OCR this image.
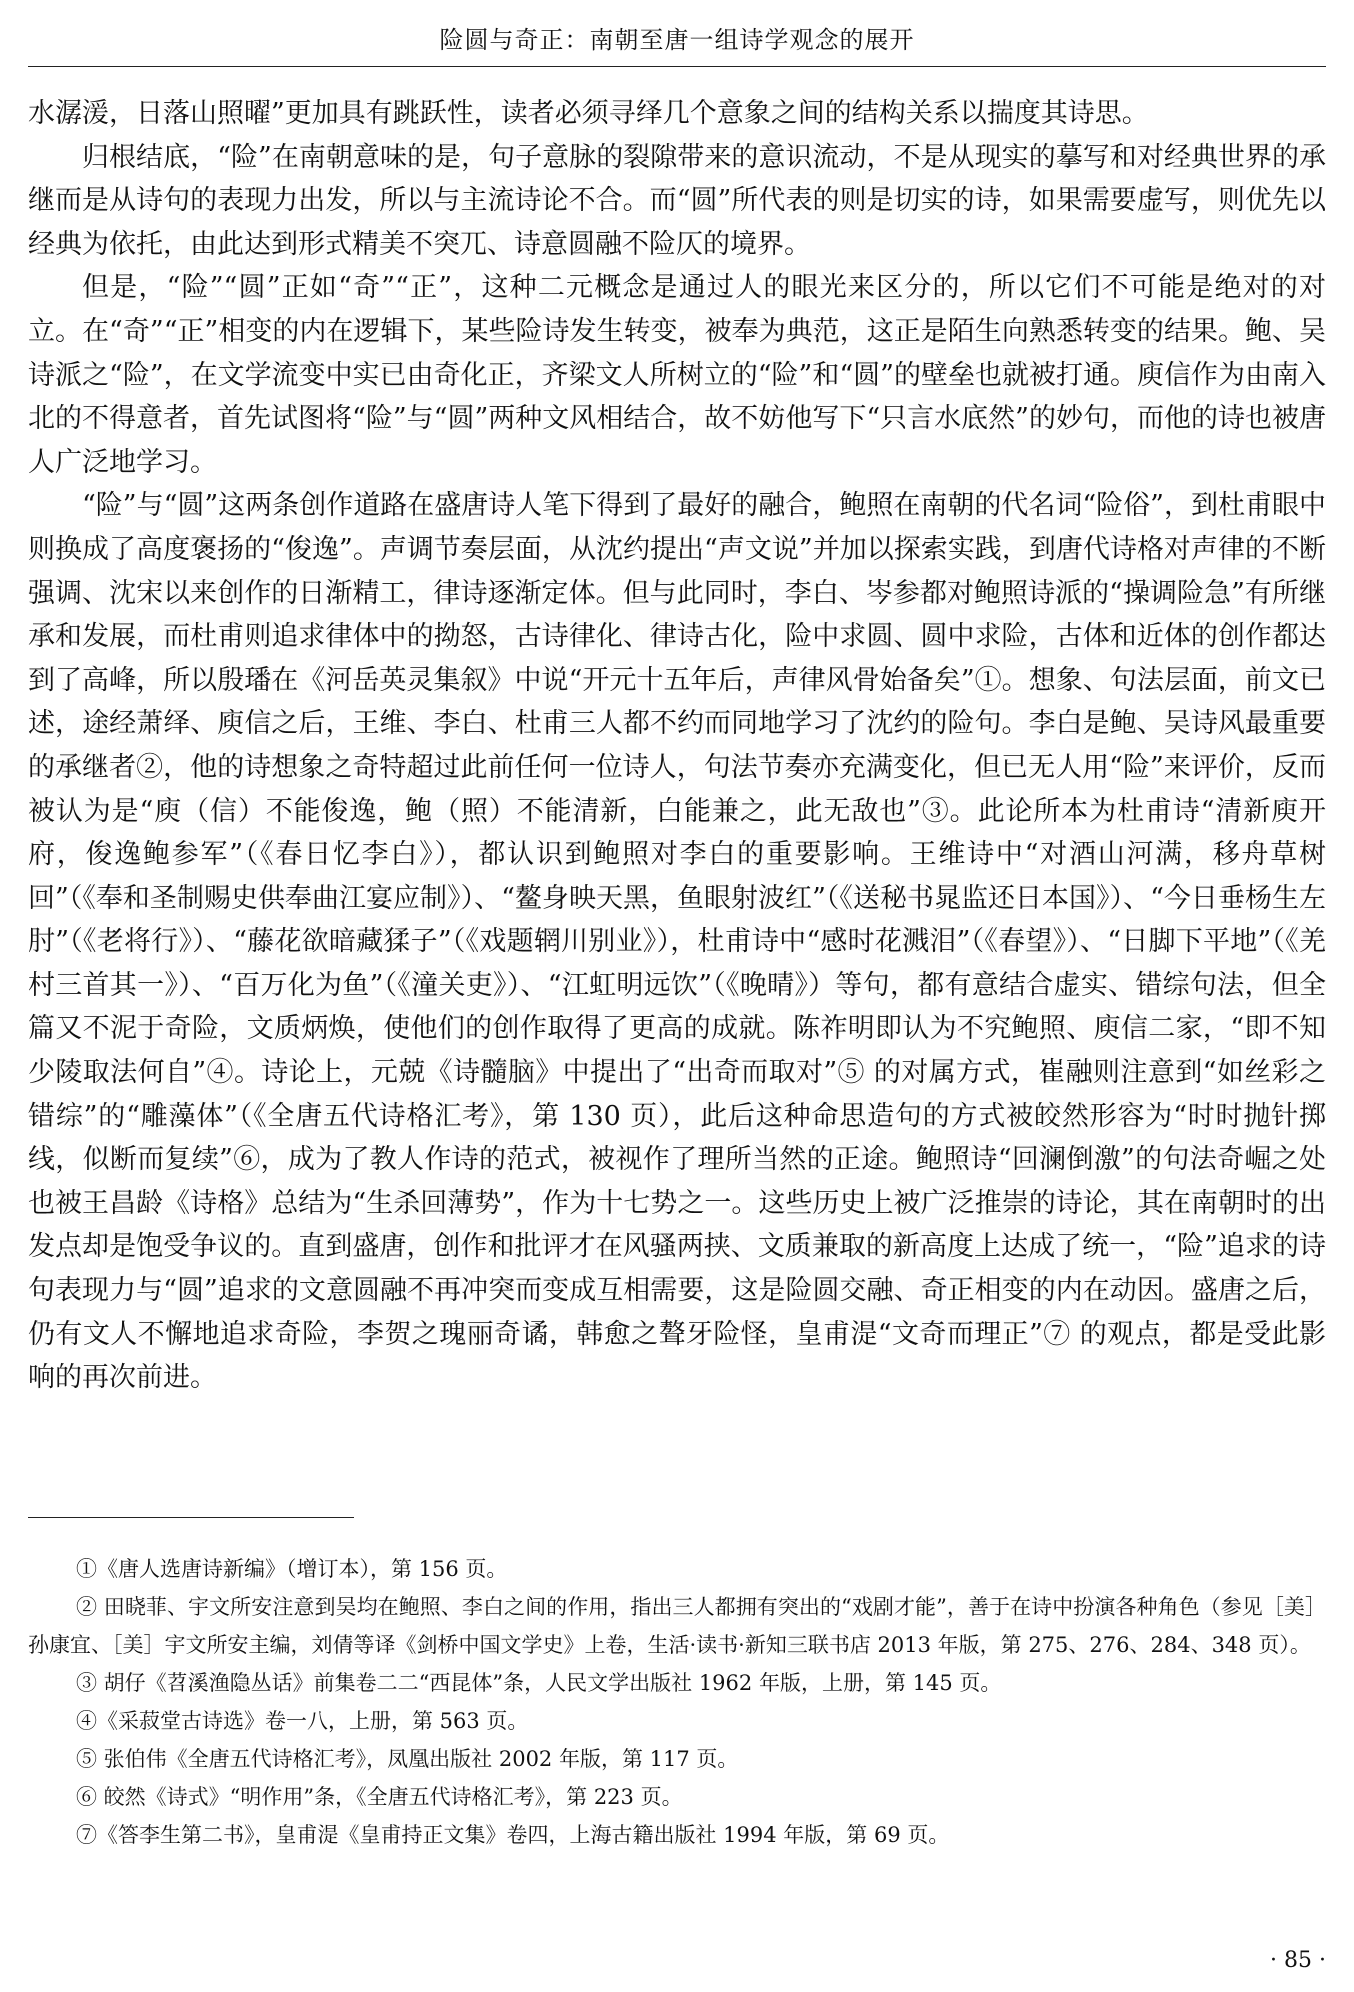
险圆与奇正：南朝至唐一组诗学观念的展开

水潺湲，日落山照曜”更加具有跳跃性，读者必须寻绎几个意象之间的结构关系以揣度其诗思。

归根结底，“险”在南朝意味的是，句子意脉的裂隙带来的意识流动，不是从现实的摹写和对经典世界的承继而是从诗句的表现力出发，所以与主流诗论不合。而“圆”所代表的则是切实的诗，如果需要虚写，则优先以经典为依托，由此达到形式精美不突兀、诗意圆融不险仄的境界。

但是，“险”“圆”正如“奇”“正”，这种二元概念是通过人的眼光来区分的，所以它们不可能是绝对的对立。在“奇”“正”相变的内在逻辑下，某些险诗发生转变，被奉为典范，这正是陌生向熟悉转变的结果。鲍、吴诗派之“险”，在文学流变中实已由奇化正，齐梁文人所树立的“险”和“圆”的壁垒也就被打通。庾信作为由南入北的不得意者，首先试图将“险”与“圆”两种文风相结合，故不妨他写下“只言水底然”的妙句，而他的诗也被唐人广泛地学习。

“险”与“圆”这两条创作道路在盛唐诗人笔下得到了最好的融合，鲍照在南朝的代名词“险俗”，到杜甫眼中则换成了高度褒扬的“俊逸”。声调节奏层面，从沈约提出“声文说”并加以探索实践，到唐代诗格对声律的不断强调、沈宋以来创作的日渐精工，律诗逐渐定体。但与此同时，李白、岑参都对鲍照诗派的“操调险急”有所继承和发展，而杜甫则追求律体中的拗怒，古诗律化、律诗古化，险中求圆、圆中求险，古体和近体的创作都达到了高峰，所以殷璠在《河岳英灵集叙》中说“开元十五年后，声律风骨始备矣”①。想象、句法层面，前文已述，途经萧绎、庾信之后，王维、李白、杜甫三人都不约而同地学习了沈约的险句。李白是鲍、吴诗风最重要的承继者②，他的诗想象之奇特超过此前任何一位诗人，句法节奏亦充满变化，但已无人用“险”来评价，反而被认为是“庾（信）不能俊逸，鲍（照）不能清新，白能兼之，此无敌也”③。此论所本为杜甫诗“清新庾开府，俊逸鲍参军”（《春日忆李白》），都认识到鲍照对李白的重要影响。王维诗中“对酒山河满，移舟草树回”（《奉和圣制赐史供奉曲江宴应制》）、“鳌身映天黑，鱼眼射波红”（《送秘书晁监还日本国》）、“今日垂杨生左肘”（《老将行》）、“藤花欲暗藏猱子”（《戏题辋川别业》），杜甫诗中“感时花溅泪”（《春望》）、“日脚下平地”（《羌村三首其一》）、“百万化为鱼”（《潼关吏》）、“江虹明远饮”（《晚晴》）等句，都有意结合虚实、错综句法，但全篇又不泥于奇险，文质炳焕，使他们的创作取得了更高的成就。陈祚明即认为不究鲍照、庾信二家，“即不知少陵取法何自”④。诗论上，元兢《诗髓脑》中提出了“出奇而取对”⑤ 的对属方式，崔融则注意到“如丝彩之错综”的“雕藻体”（《全唐五代诗格汇考》，第 130 页），此后这种命思造句的方式被皎然形容为“时时抛针掷线，似断而复续”⑥，成为了教人作诗的范式，被视作了理所当然的正途。鲍照诗“回澜倒激”的句法奇崛之处也被王昌龄《诗格》总结为“生杀回薄势”，作为十七势之一。这些历史上被广泛推崇的诗论，其在南朝时的出发点却是饱受争议的。直到盛唐，创作和批评才在风骚两挟、文质兼取的新高度上达成了统一，“险”追求的诗句表现力与“圆”追求的文意圆融不再冲突而变成互相需要，这是险圆交融、奇正相变的内在动因。盛唐之后，仍有文人不懈地追求奇险，李贺之瑰丽奇谲，韩愈之聱牙险怪，皇甫湜“文奇而理正”⑦ 的观点，都是受此影响的再次前进。

①《唐人选唐诗新编》（增订本），第 156 页。

② 田晓菲、宇文所安注意到吴均在鲍照、李白之间的作用，指出三人都拥有突出的“戏剧才能”，善于在诗中扮演各种角色（参见［美］孙康宜、［美］宇文所安主编，刘倩等译《剑桥中国文学史》上卷，生活·读书·新知三联书店 2013 年版，第 275、276、284、348 页）。

③ 胡仔《苕溪渔隐丛话》前集卷二二“西昆体”条，人民文学出版社 1962 年版，上册，第 145 页。

④《采菽堂古诗选》卷一八，上册，第 563 页。

⑤ 张伯伟《全唐五代诗格汇考》，凤凰出版社 2002 年版，第 117 页。

⑥ 皎然《诗式》“明作用”条，《全唐五代诗格汇考》，第 223 页。

⑦《答李生第二书》，皇甫湜《皇甫持正文集》卷四，上海古籍出版社 1994 年版，第 69 页。

· 85 ·
